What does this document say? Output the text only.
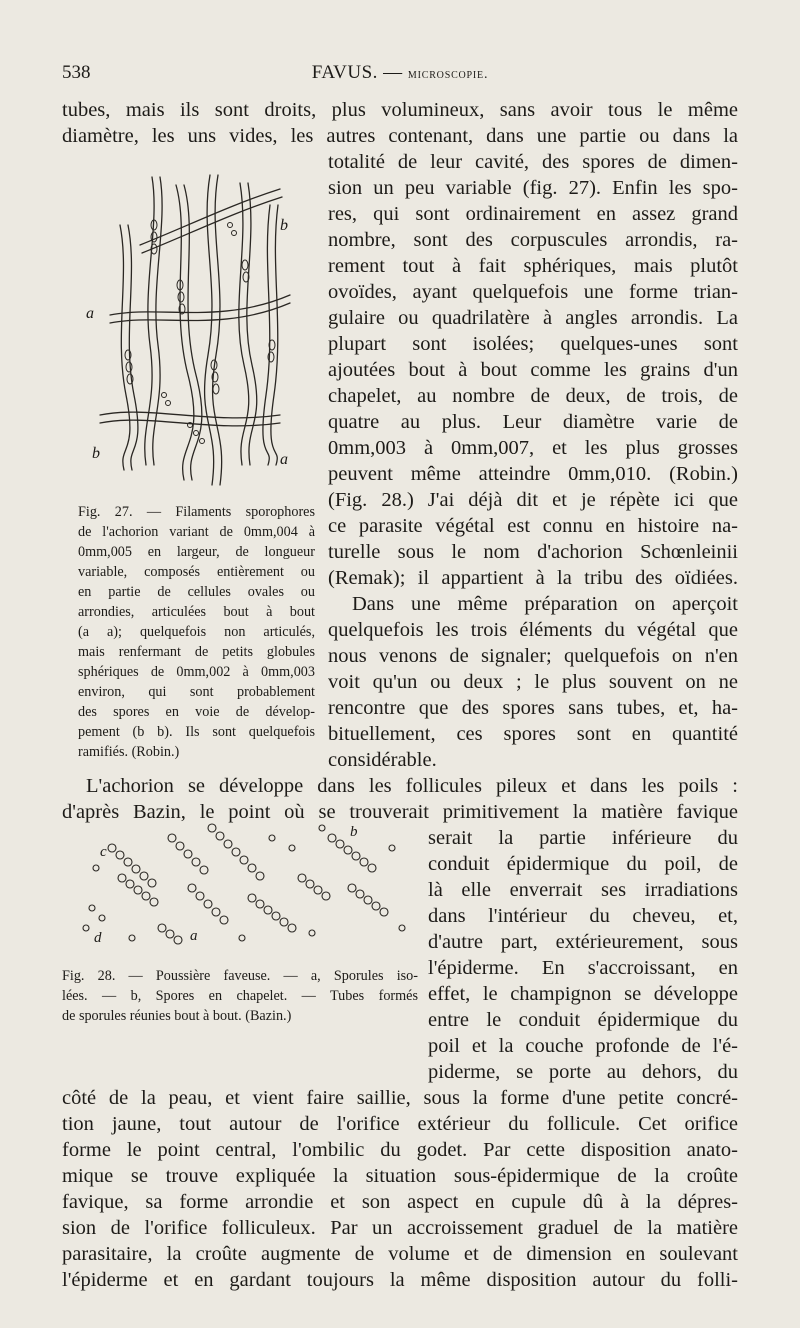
538	FAVUS. — microscopie.
b
a
b	a
Fig. 27. — Filaments sporophores
de l'achorion variant de 0mm,004 à
0mm,005 en largeur, de longueur
variable, composés entièrement ou
en partie de cellules ovales ou
arrondies, articulées bout à bout
(a a); quelquefois non articulés,
mais renfermant de petits globules
sphériques de 0mm,002 à 0mm,003
environ, qui sont probablement
des spores en voie de dévelop-
pement (b b). Ils sont quelquefois
ramifiés. (Robin.)
c
b
d	a
Fig. 28. — Poussière faveuse. — a, Sporules iso-
lées. — b, Spores en chapelet. — Tubes formés
de sporules réunies bout à bout. (Bazin.)
tubes, mais ils sont droits, plus volumineux, sans avoir tous le même
diamètre, les uns vides, les autres contenant, dans une partie ou dans la
totalité de leur cavité, des spores de dimen-
sion un peu variable (fig. 27). Enfin les spo-
res, qui sont ordinairement en assez grand
nombre, sont des corpuscules arrondis, ra-
rement tout à fait sphériques, mais plutôt
ovoïdes, ayant quelquefois une forme trian-
gulaire ou quadrilatère à angles arrondis. La
plupart sont isolées; quelques-unes sont
ajoutées bout à bout comme les grains d'un
chapelet, au nombre de deux, de trois, de
quatre au plus. Leur diamètre varie de
0mm,003 à 0mm,007, et les plus grosses
peuvent même atteindre 0mm,010. (Robin.)
(Fig. 28.) J'ai déjà dit et je répète ici que
ce parasite végétal est connu en histoire na-
turelle sous le nom d'achorion Schœnleinii
(Remak); il appartient à la tribu des oïdiées.
Dans une même préparation on aperçoit
quelquefois les trois éléments du végétal que
nous venons de signaler; quelquefois on n'en
voit qu'un ou deux ; le plus souvent on ne
rencontre que des spores sans tubes, et, ha-
bituellement, ces spores sont en quantité
considérable.
L'achorion se développe dans les follicules pileux et dans les poils :
d'après Bazin, le point où se trouverait primitivement la matière favique
serait la partie inférieure du
conduit épidermique du poil, de
là elle enverrait ses irradiations
dans l'intérieur du cheveu, et,
d'autre part, extérieurement, sous
l'épiderme. En s'accroissant, en
effet, le champignon se développe
entre le conduit épidermique du
poil et la couche profonde de l'é-
piderme, se porte au dehors, du
côté de la peau, et vient faire saillie, sous la forme d'une petite concré-
tion jaune, tout autour de l'orifice extérieur du follicule. Cet orifice
forme le point central, l'ombilic du godet. Par cette disposition anato-
mique se trouve expliquée la situation sous-épidermique de la croûte
favique, sa forme arrondie et son aspect en cupule dû à la dépres-
sion de l'orifice folliculeux. Par un accroissement graduel de la matière
parasitaire, la croûte augmente de volume et de dimension en soulevant
l'épiderme et en gardant toujours la même disposition autour du folli-
